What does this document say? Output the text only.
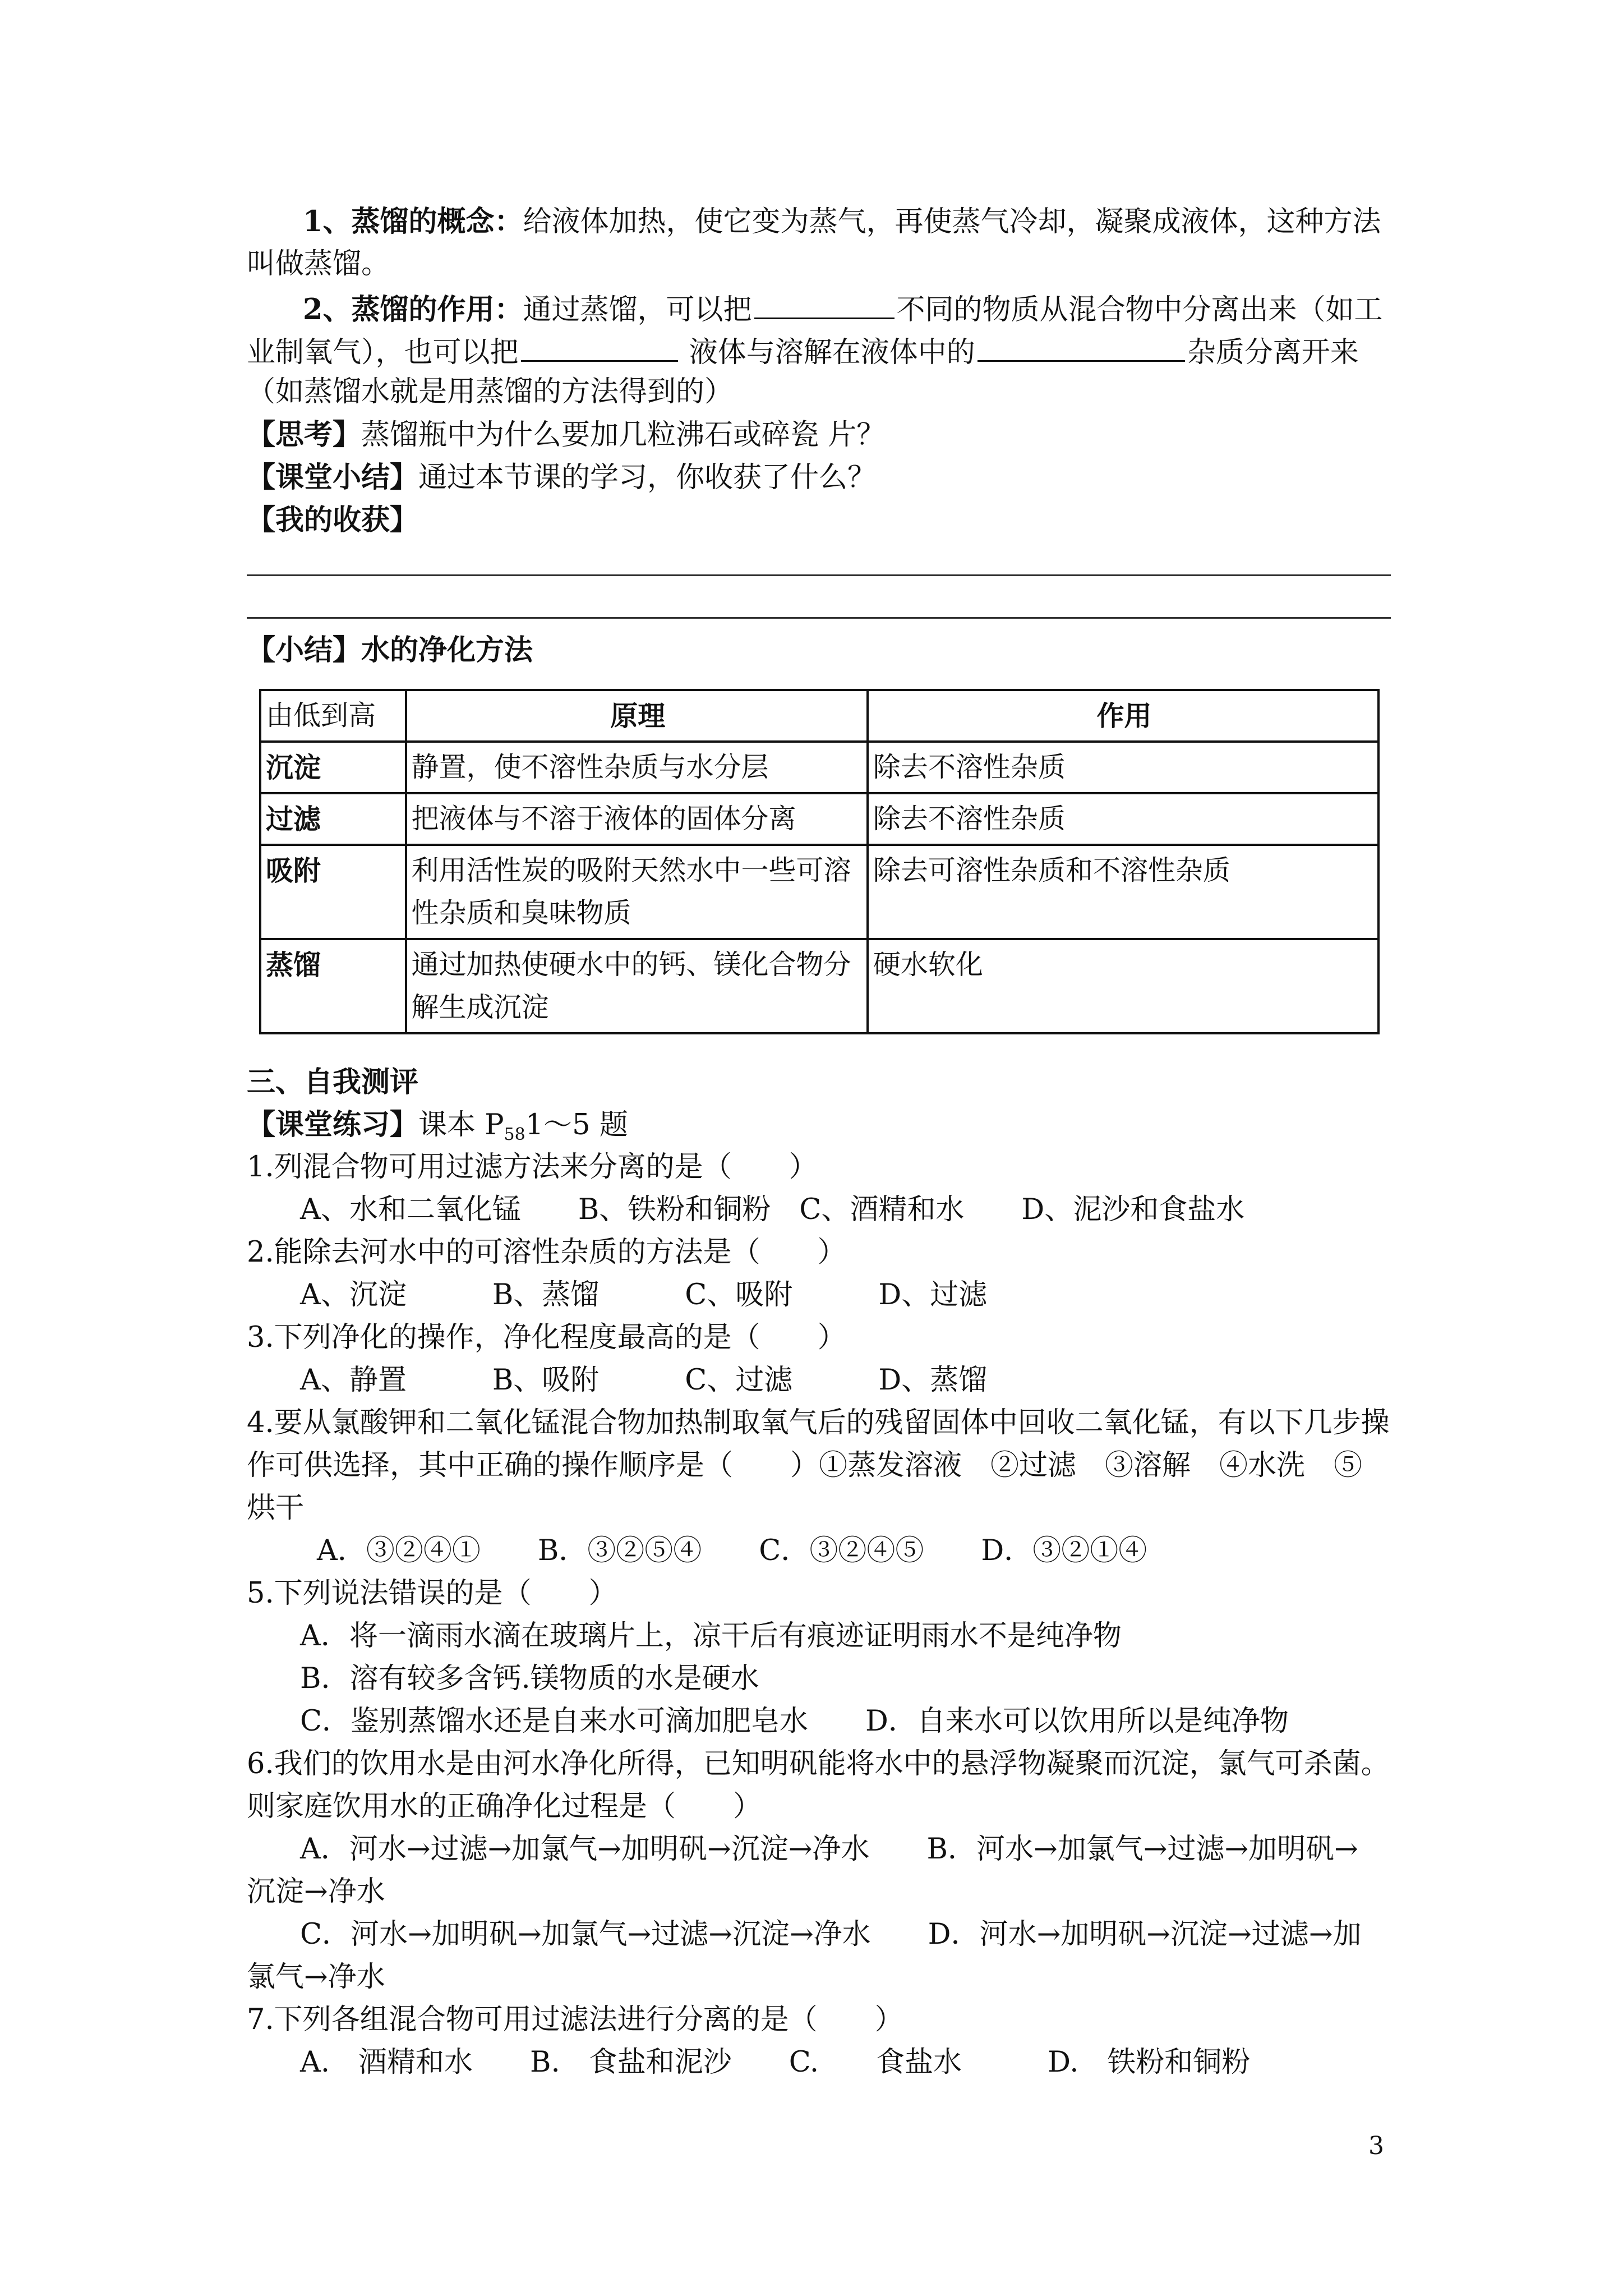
1、蒸馏的概念：给液体加热，使它变为蒸气，再使蒸气冷却，凝聚成液体，这种方法
叫做蒸馏。
2、蒸馏的作用：通过蒸馏，可以把	不同的物质从混合物中分离出来（如工
业制氧气），也可以把	液体与溶解在液体中的	杂质分离开来
（如蒸馏水就是用蒸馏的方法得到的）
【思考】蒸馏瓶中为什么要加几粒沸石或碎瓷 片？
【课堂小结】通过本节课的学习，你收获了什么？
【我的收获】
【小结】水的净化方法
由低到高	原理	作用
沉淀	静置，使不溶性杂质与水分层	除去不溶性杂质
过滤	把液体与不溶于液体的固体分离	除去不溶性杂质
吸附	利用活性炭的吸附天然水中一些可溶性杂质和臭味物质	除去可溶性杂质和不溶性杂质
蒸馏	通过加热使硬水中的钙、镁化合物分解生成沉淀	硬水软化
三、自我测评
【课堂练习】课本 $P_{58}1\sim 5$ 题
1.列混合物可用过滤方法来分离的是（　　）
A、水和二氧化锰　　B、铁粉和铜粉　C、酒精和水　　D、泥沙和食盐水
2.能除去河水中的可溶性杂质的方法是（　　）
A、沉淀　　　B、蒸馏　　　C、吸附　　　D、过滤
3.下列净化的操作，净化程度最高的是（　　）
A、静置　　　B、吸附　　　C、过滤　　　D、蒸馏
4.要从氯酸钾和二氧化锰混合物加热制取氧气后的残留固体中回收二氧化锰，有以下几步操
作可供选择，其中正确的操作顺序是（　　）①蒸发溶液　②过滤　③溶解　④水洗　⑤
烘干
A．③②④①　　B．③②⑤④　　C．③②④⑤　　D．③②①④
5.下列说法错误的是（　　）
A．将一滴雨水滴在玻璃片上，凉干后有痕迹证明雨水不是纯净物
B．溶有较多含钙.镁物质的水是硬水
C．鉴别蒸馏水还是自来水可滴加肥皂水　　D．自来水可以饮用所以是纯净物
6.我们的饮用水是由河水净化所得，已知明矾能将水中的悬浮物凝聚而沉淀，氯气可杀菌。
则家庭饮用水的正确净化过程是（　　）
A．河水→过滤→加氯气→加明矾→沉淀→净水　　B．河水→加氯气→过滤→加明矾→
沉淀→净水
C．河水→加明矾→加氯气→过滤→沉淀→净水　　D．河水→加明矾→沉淀→过滤→加
氯气→净水
7.下列各组混合物可用过滤法进行分离的是（　　）
A.　酒精和水　　B.　食盐和泥沙　　C.　　食盐水　　　D.　铁粉和铜粉
3
